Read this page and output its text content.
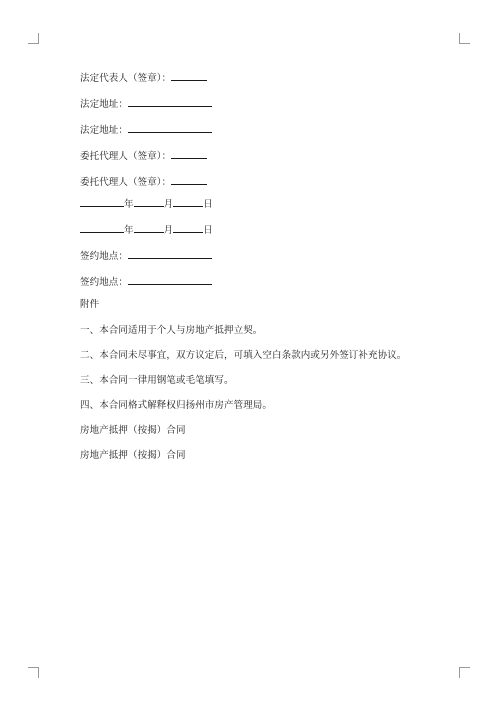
法定代表人（签章）：
法定地址：
法定地址：
委托代理人（签章）：
委托代理人（签章）：
年	月	日
年	月	日
签约地点：
签约地点：
附件
一、本合同适用于个人与房地产抵押立契。
二、本合同未尽事宜，双方议定后，可填入空白条款内或另外签订补充协议。
三、本合同一律用钢笔或毛笔填写。
四、本合同格式解释权归扬州市房产管理局。
房地产抵押（按揭）合同
房地产抵押（按揭）合同
